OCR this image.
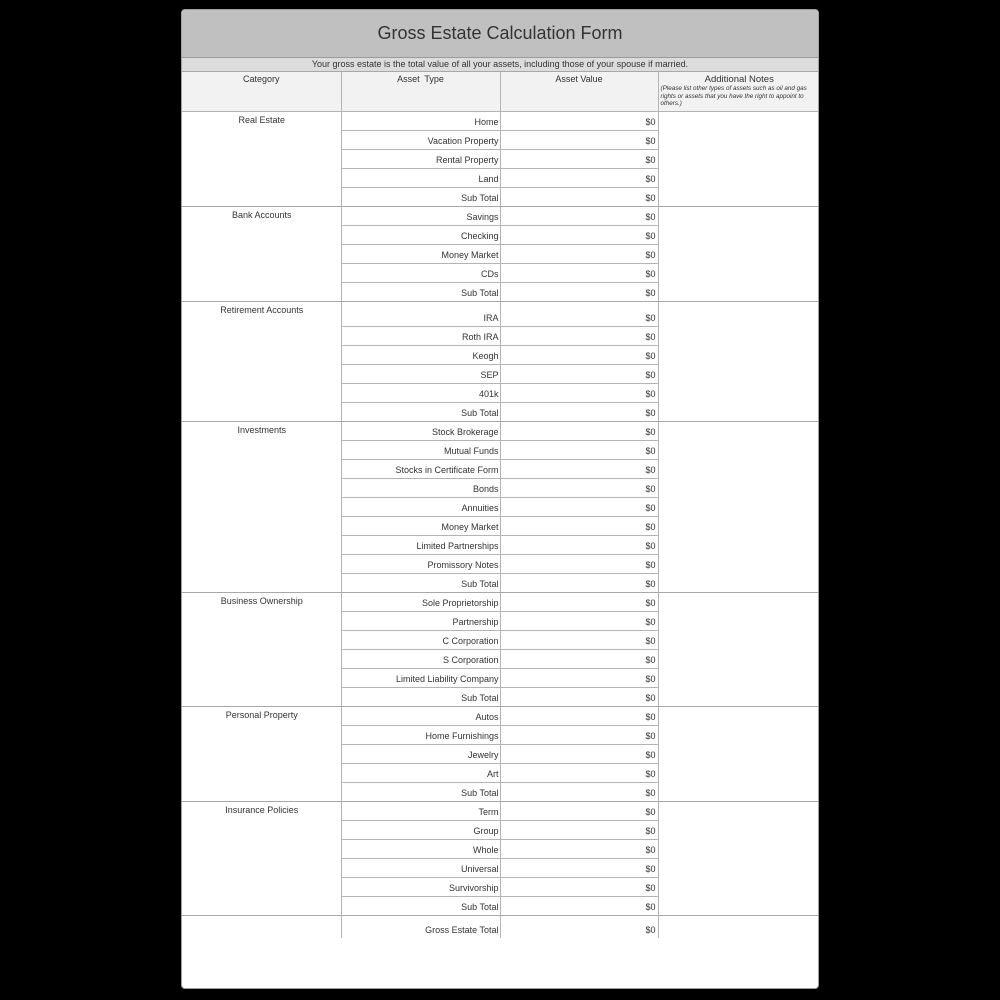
Gross Estate Calculation Form
Your gross estate is the total value of all your assets, including those of your spouse if married.
Category	Asset  Type	Asset Value	Additional Notes
(Please list other types of assets such as oil and gas rights or assets that you have the right to appoint to others.)

Real Estate	Home	$0	
	Vacation Property	$0	
	Rental Property	$0	
	Land	$0	
	Sub Total	$0	
Bank Accounts	Savings	$0	
	Checking	$0	
	Money Market	$0	
	CDs	$0	
	Sub Total	$0	
Retirement Accounts	IRA	$0	
	Roth IRA	$0	
	Keogh	$0	
	SEP	$0	
	401k	$0	
	Sub Total	$0	
Investments	Stock Brokerage	$0	
	Mutual Funds	$0	
	Stocks in Certificate Form	$0	
	Bonds	$0	
	Annuities	$0	
	Money Market	$0	
	Limited Partnerships	$0	
	Promissory Notes	$0	
	Sub Total	$0	
Business Ownership	Sole Proprietorship	$0	
	Partnership	$0	
	C Corporation	$0	
	S Corporation	$0	
	Limited Liability Company	$0	
	Sub Total	$0	
Personal Property	Autos	$0	
	Home Furnishings	$0	
	Jewelry	$0	
	Art	$0	
	Sub Total	$0	
Insurance Policies	Term	$0	
	Group	$0	
	Whole	$0	
	Universal	$0	
	Survivorship	$0	
	Sub Total	$0	
	Gross Estate Total	$0	
